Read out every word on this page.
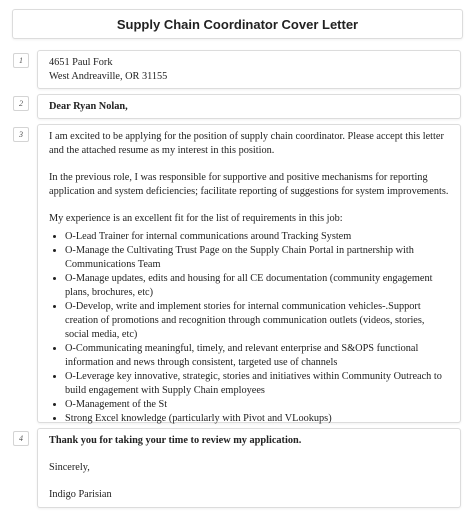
Supply Chain Coordinator Cover Letter
1	4651 Paul Fork

West Andreaville, OR 31155

2	Dear Ryan Nolan,

3	I am excited to be applying for the position of supply chain coordinator. Please accept this letter and the attached resume as my interest in this position.

In the previous role, I was responsible for supportive and positive mechanisms for reporting application and system deficiencies; facilitate reporting of suggestions for system improvements.

My experience is an excellent fit for the list of requirements in this job:

• O-Lead Trainer for internal communications around Tracking System
• O-Manage the Cultivating Trust Page on the Supply Chain Portal in partnership with Communications Team
• O-Manage updates, edits and housing for all CE documentation (community engagement plans, brochures, etc)
• O-Develop, write and implement stories for internal communication vehicles-.Support creation of promotions and recognition through communication outlets (videos, stories, social media, etc)
• O-Communicating meaningful, timely, and relevant enterprise and S&OPS functional information and news through consistent, targeted use of channels
• O-Leverage key innovative, strategic, stories and initiatives within Community Outreach to build engagement with Supply Chain employees
• O-Management of the St
• Strong Excel knowledge (particularly with Pivot and VLookups)
4	Thank you for taking your time to review my application.

Sincerely,

Indigo Parisian
